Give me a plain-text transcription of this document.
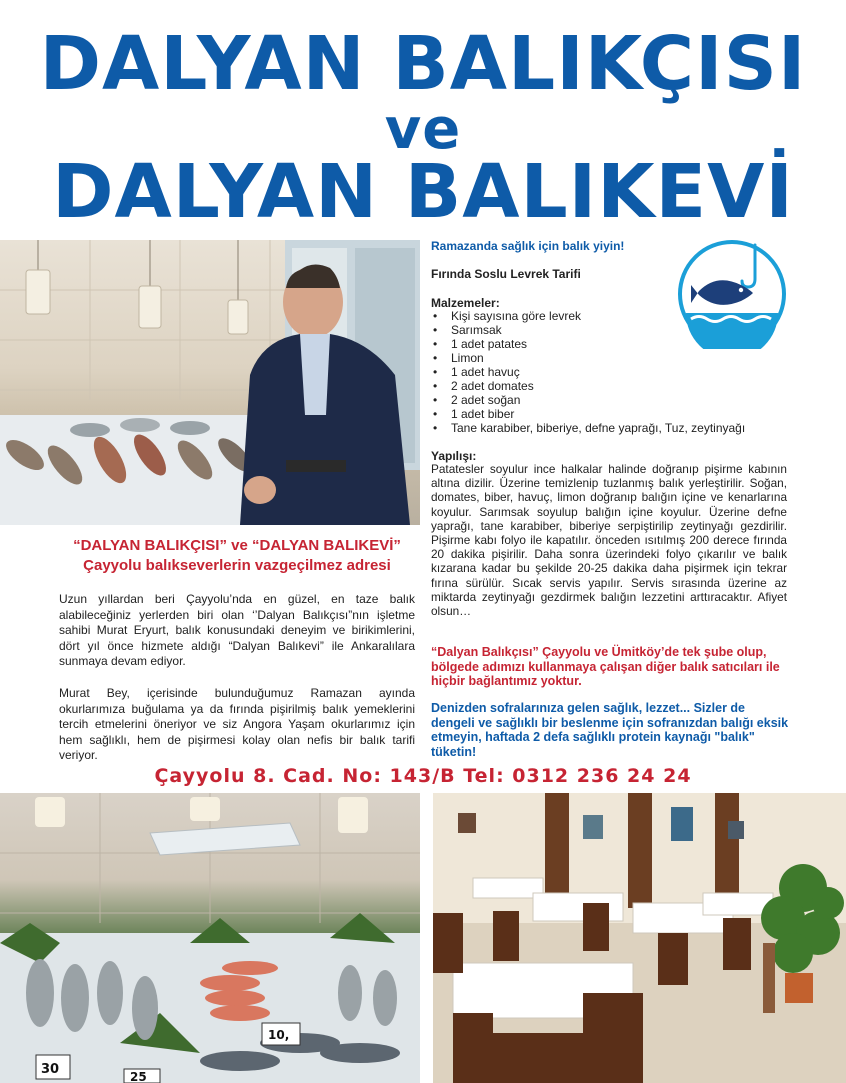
DALYAN BALIKÇISI
ve
DALYAN BALIKEVİ
Ramazanda sağlık için balık yiyin!
Fırında Soslu Levrek Tarifi
Malzemeler:
• Kişi sayısına göre levrek
• Sarımsak
• 1 adet patates
• Limon
• 1 adet havuç
• 2 adet domates
• 2 adet soğan
• 1 adet biber
• Tane karabiber, biberiye, defne yaprağı, Tuz, zeytinyağı
Yapılışı:
Patatesler soyulur ince halkalar halinde doğranıp pişirme kabının altına dizilir. Üzerine temizlenip tuzlanmış balık yerleştirilir. Soğan, domates, biber, havuç, limon doğranıp balığın içine ve kenarlarına koyulur. Sarımsak soyulup balığın içine koyulur. Üzerine defne yaprağı, tane karabiber, biberiye serpiştirilip zeytinyağı gezdirilir. Pişirme kabı folyo ile kapatılır. önceden ısıtılmış 200 derece fırında 20 dakika pişirilir. Daha sonra üzerindeki folyo çıkarılır ve balık kızarana kadar bu şekilde 20-25 dakika daha pişirmek için tekrar fırına sürülür. Sıcak servis yapılır. Servis sırasında üzerine az miktarda zeytinyağı gezdirmek balığın lezzetini arttıracaktır. Afiyet olsun…
“Dalyan Balıkçısı” Çayyolu ve Ümitköy’de tek şube olup, bölgede adımızı kullanmaya çalışan diğer balık satıcıları ile hiçbir bağlantımız yoktur.
Denizden sofralarınıza gelen sağlık, lezzet... Sizler de dengeli ve sağlıklı bir beslenme için sofranızdan balığı eksik etmeyin, haftada 2 defa sağlıklı protein kaynağı "balık" tüketin!
“DALYAN BALIKÇISI” ve “DALYAN BALIKEVİ”
Çayyolu balıkseverlerin vazgeçilmez adresi

Uzun yıllardan beri Çayyolu’nda en güzel, en taze balık alabileceğiniz yerlerden biri olan ‘’Dalyan Balıkçısı”nın işletme sahibi Murat Eryurt, balık konusundaki deneyim ve birikimlerini, dört yıl önce hizmete aldığı “Dalyan Balıkevi” ile Ankaralılara sunmaya devam ediyor.

Murat Bey, içerisinde bulunduğumuz Ramazan ayında okurlarımıza buğulama ya da fırında pişirilmiş balık yemeklerini tercih etmelerini öneriyor ve siz Angora Yaşam okurlarımız için hem sağlıklı, hem de pişirmesi kolay olan nefis bir balık tarifi veriyor.

Çayyolu 8. Cad. No: 143/B Tel: 0312 236 24 24
10,
25
30
